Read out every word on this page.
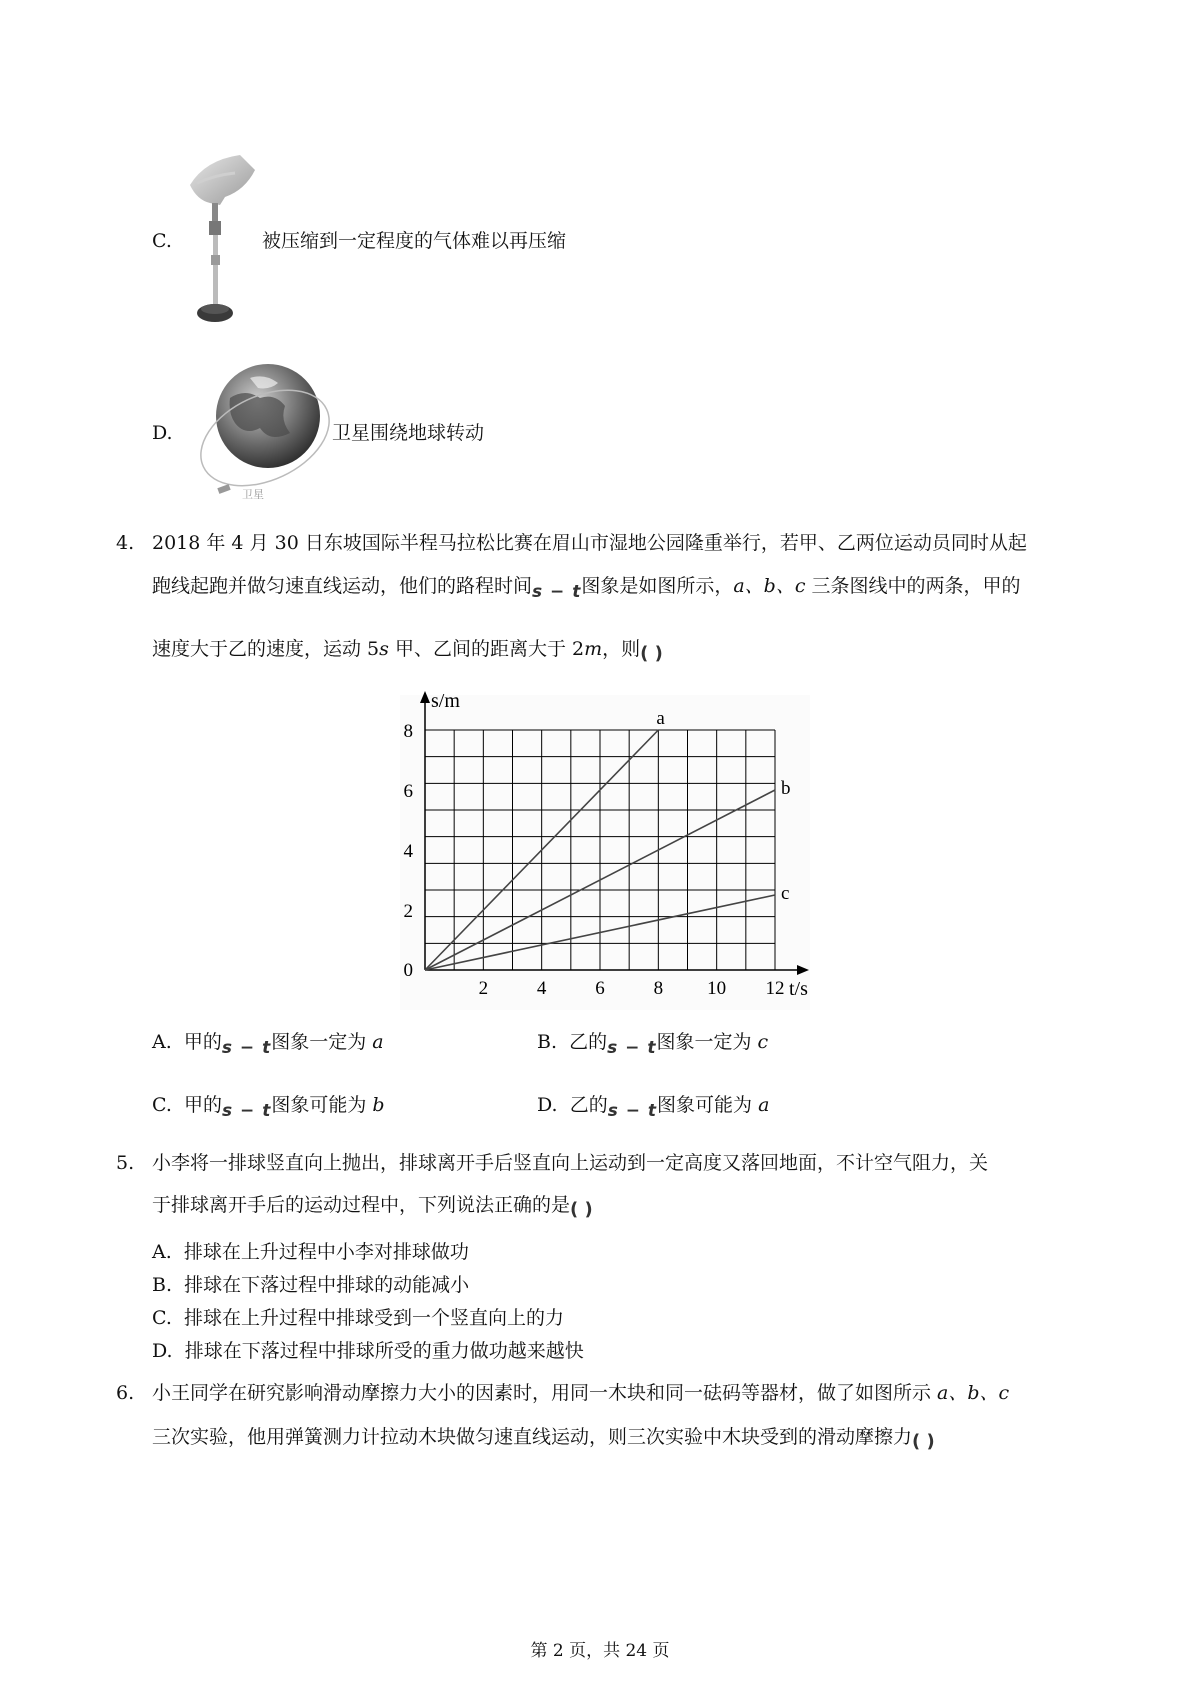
C.	被压缩到一定程度的气体难以再压缩
D.
卫星
卫星围绕地球转动
4. 2018 年 4 月 30 日东坡国际半程马拉松比赛在眉山市湿地公园隆重举行，若甲、乙两位运动员同时从起
跑线起跑并做匀速直线运动，他们的路程时间s − t图象是如图所示，a、b、c 三条图线中的两条，甲的
速度大于乙的速度，运动 5s 甲、乙间的距离大于 2m，则( )
s/m
t/s
2	4	6	8 10 12
0
2
4
6
8
a
b
c
A. 甲的s − t图象一定为 a	B. 乙的s − t图象一定为 c
C. 甲的s − t图象可能为 b	D. 乙的s − t图象可能为 a
5. 小李将一排球竖直向上抛出，排球离开手后竖直向上运动到一定高度又落回地面，不计空气阻力，关
于排球离开手后的运动过程中，下列说法正确的是( )
A. 排球在上升过程中小李对排球做功
B. 排球在下落过程中排球的动能减小
C. 排球在上升过程中排球受到一个竖直向上的力
D. 排球在下落过程中排球所受的重力做功越来越快
6. 小王同学在研究影响滑动摩擦力大小的因素时，用同一木块和同一砝码等器材，做了如图所示 a、b、c
三次实验，他用弹簧测力计拉动木块做匀速直线运动，则三次实验中木块受到的滑动摩擦力( )
第 2 页，共 24 页
